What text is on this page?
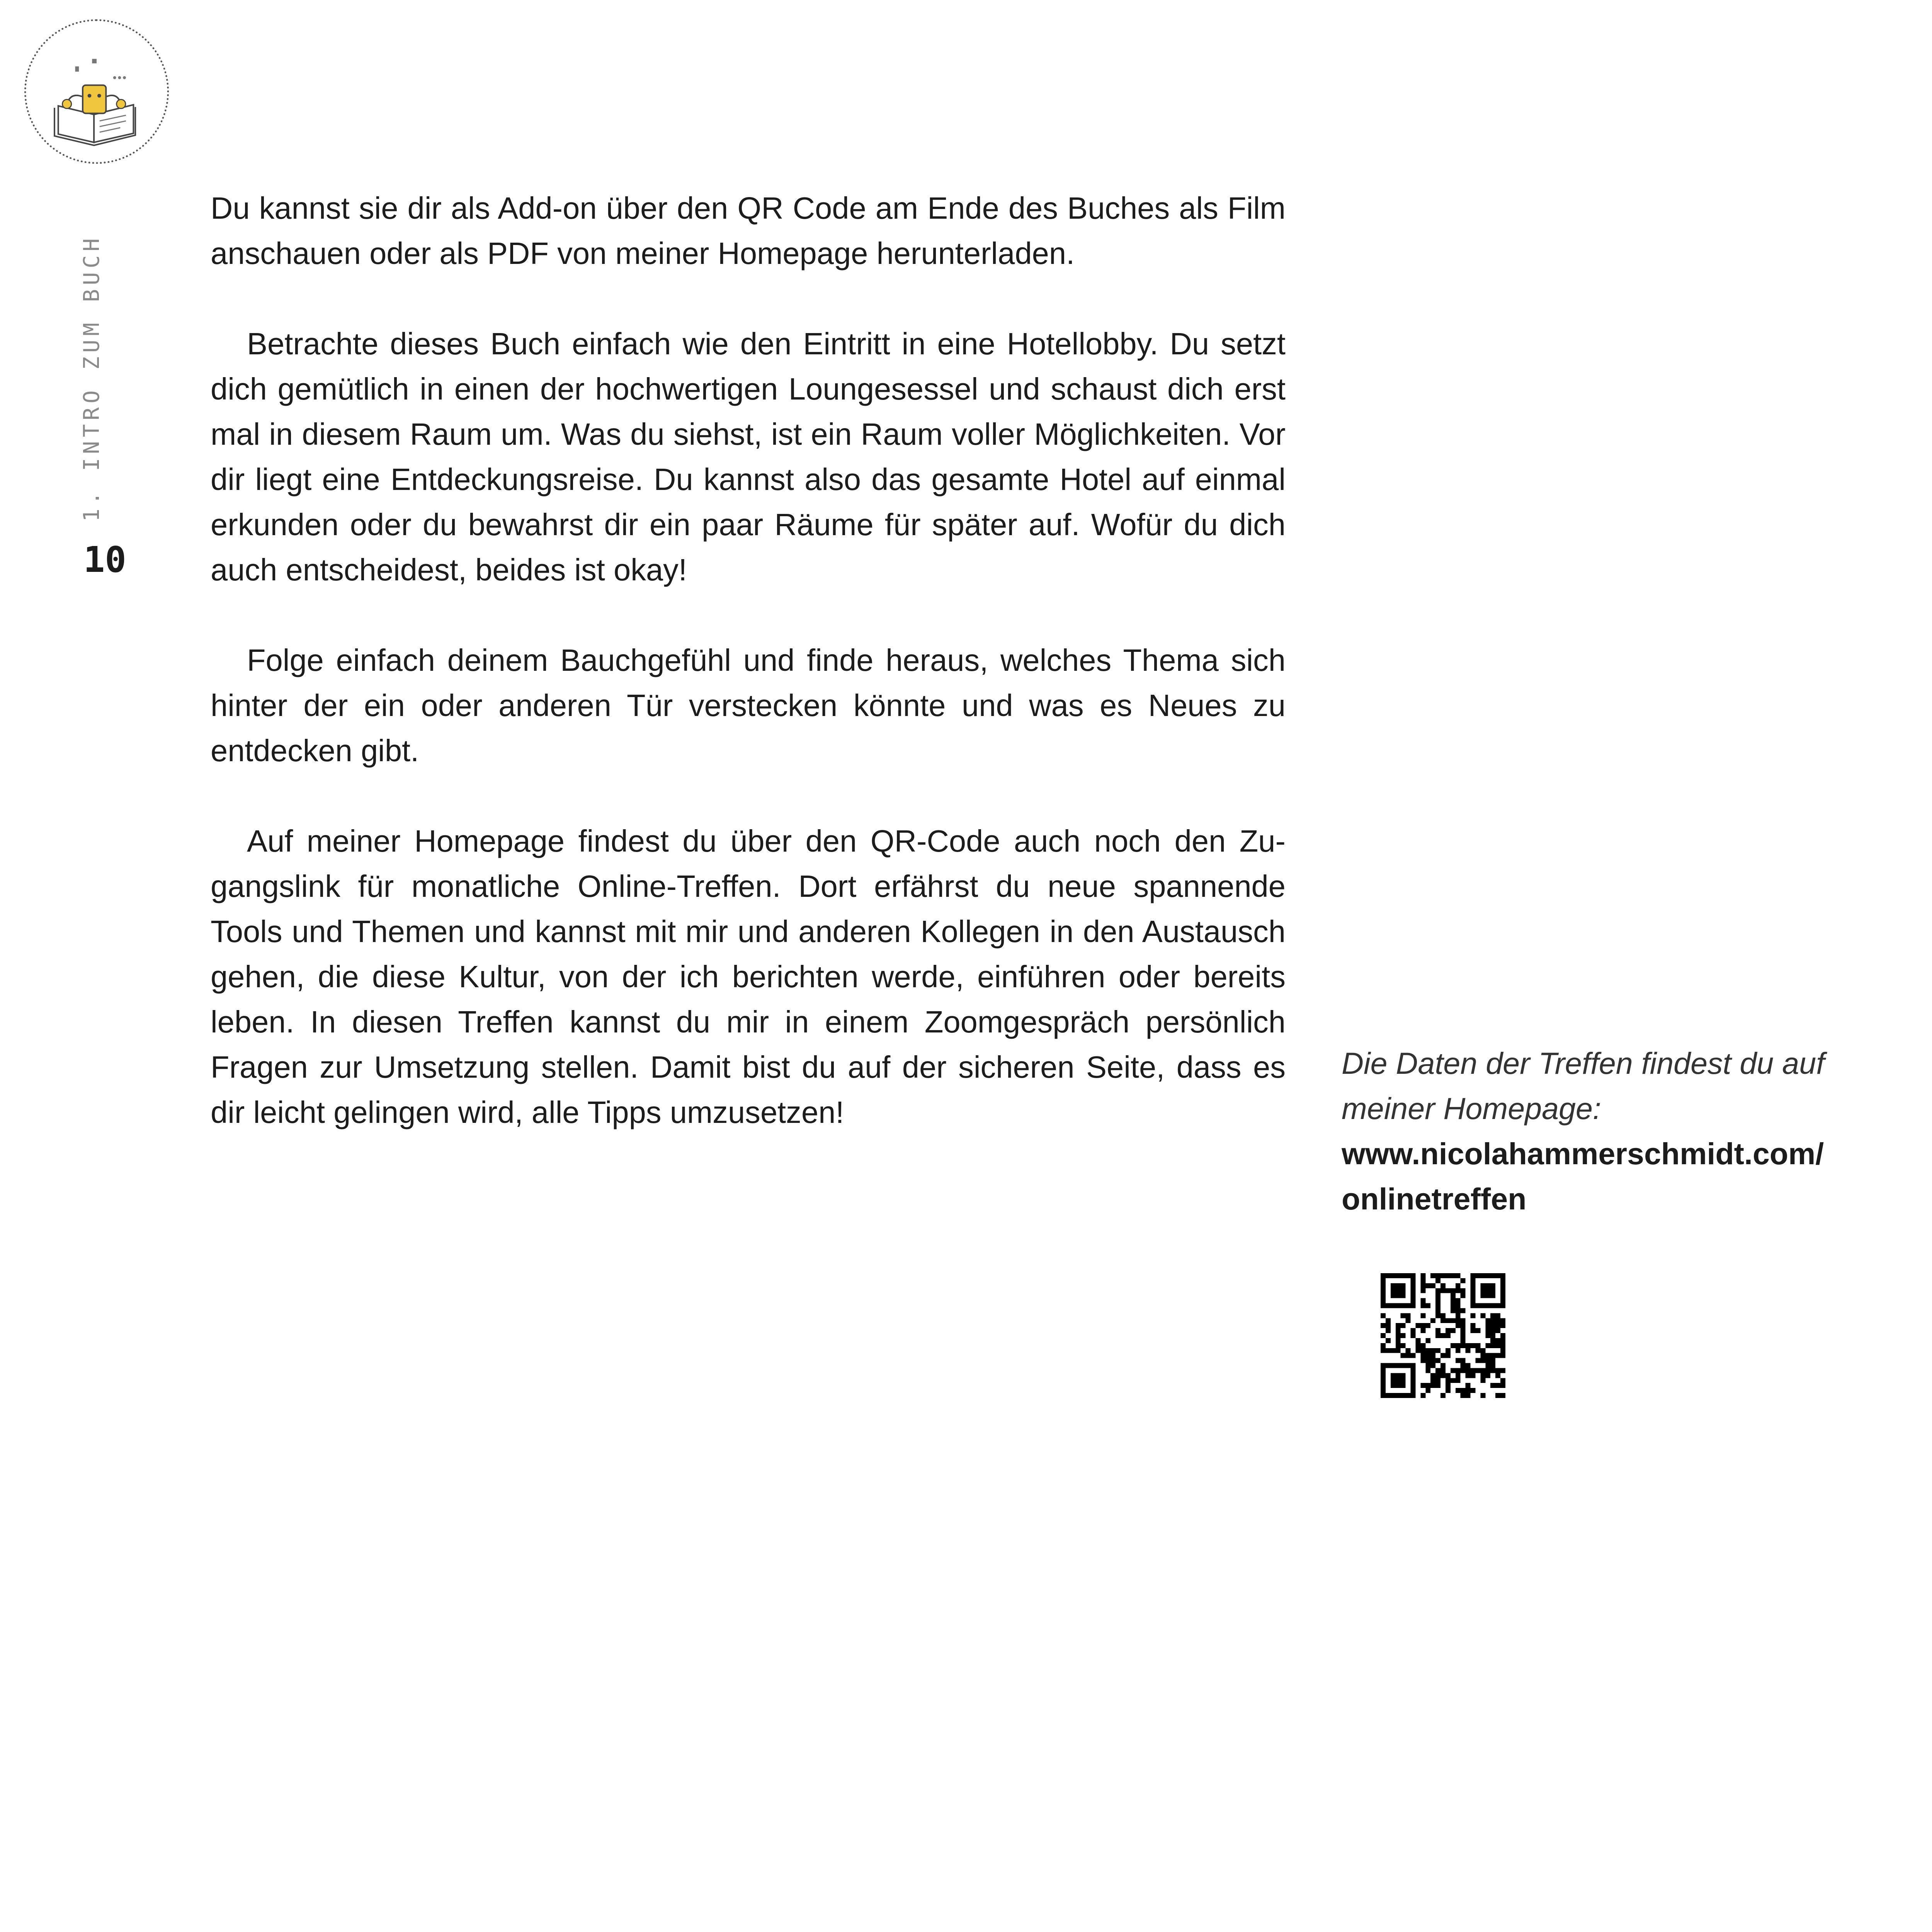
1. INTRO ZUM BUCH
10

Du kannst sie dir als Add-on über den QR Code am Ende des Buches als Film anschauen oder als PDF von meiner Homepage herunterladen.

Betrachte dieses Buch einfach wie den Eintritt in eine Hotellobby. Du setzt dich gemütlich in einen der hochwertigen Loungesessel und schaust dich erst mal in diesem Raum um. Was du siehst, ist ein Raum voller Möglichkeiten. Vor dir liegt eine Entdeckungsreise. Du kannst also das gesamte Hotel auf einmal erkunden oder du bewahrst dir ein paar Räume für später auf. Wofür du dich auch entscheidest, beides ist okay!

Folge einfach deinem Bauchgefühl und finde heraus, welches Thema sich hinter der ein oder anderen Tür verstecken könnte und was es Neues zu entdecken gibt.

Auf meiner Homepage findest du über den QR-Code auch noch den Zugangslink für monatliche Online-Treffen. Dort erfährst du neue spannende Tools und Themen und kannst mit mir und anderen Kollegen in den Austausch gehen, die diese Kultur, von der ich berichten werde, einführen oder bereits leben. In diesen Treffen kannst du mir in einem Zoomgespräch persönlich Fragen zur Umsetzung stellen. Damit bist du auf der sicheren Seite, dass es dir leicht gelingen wird, alle Tipps umzusetzen!

Die Daten der Treffen findest du auf
meiner Homepage:
www.nicolahammerschmidt.com/
onlinetreffen
